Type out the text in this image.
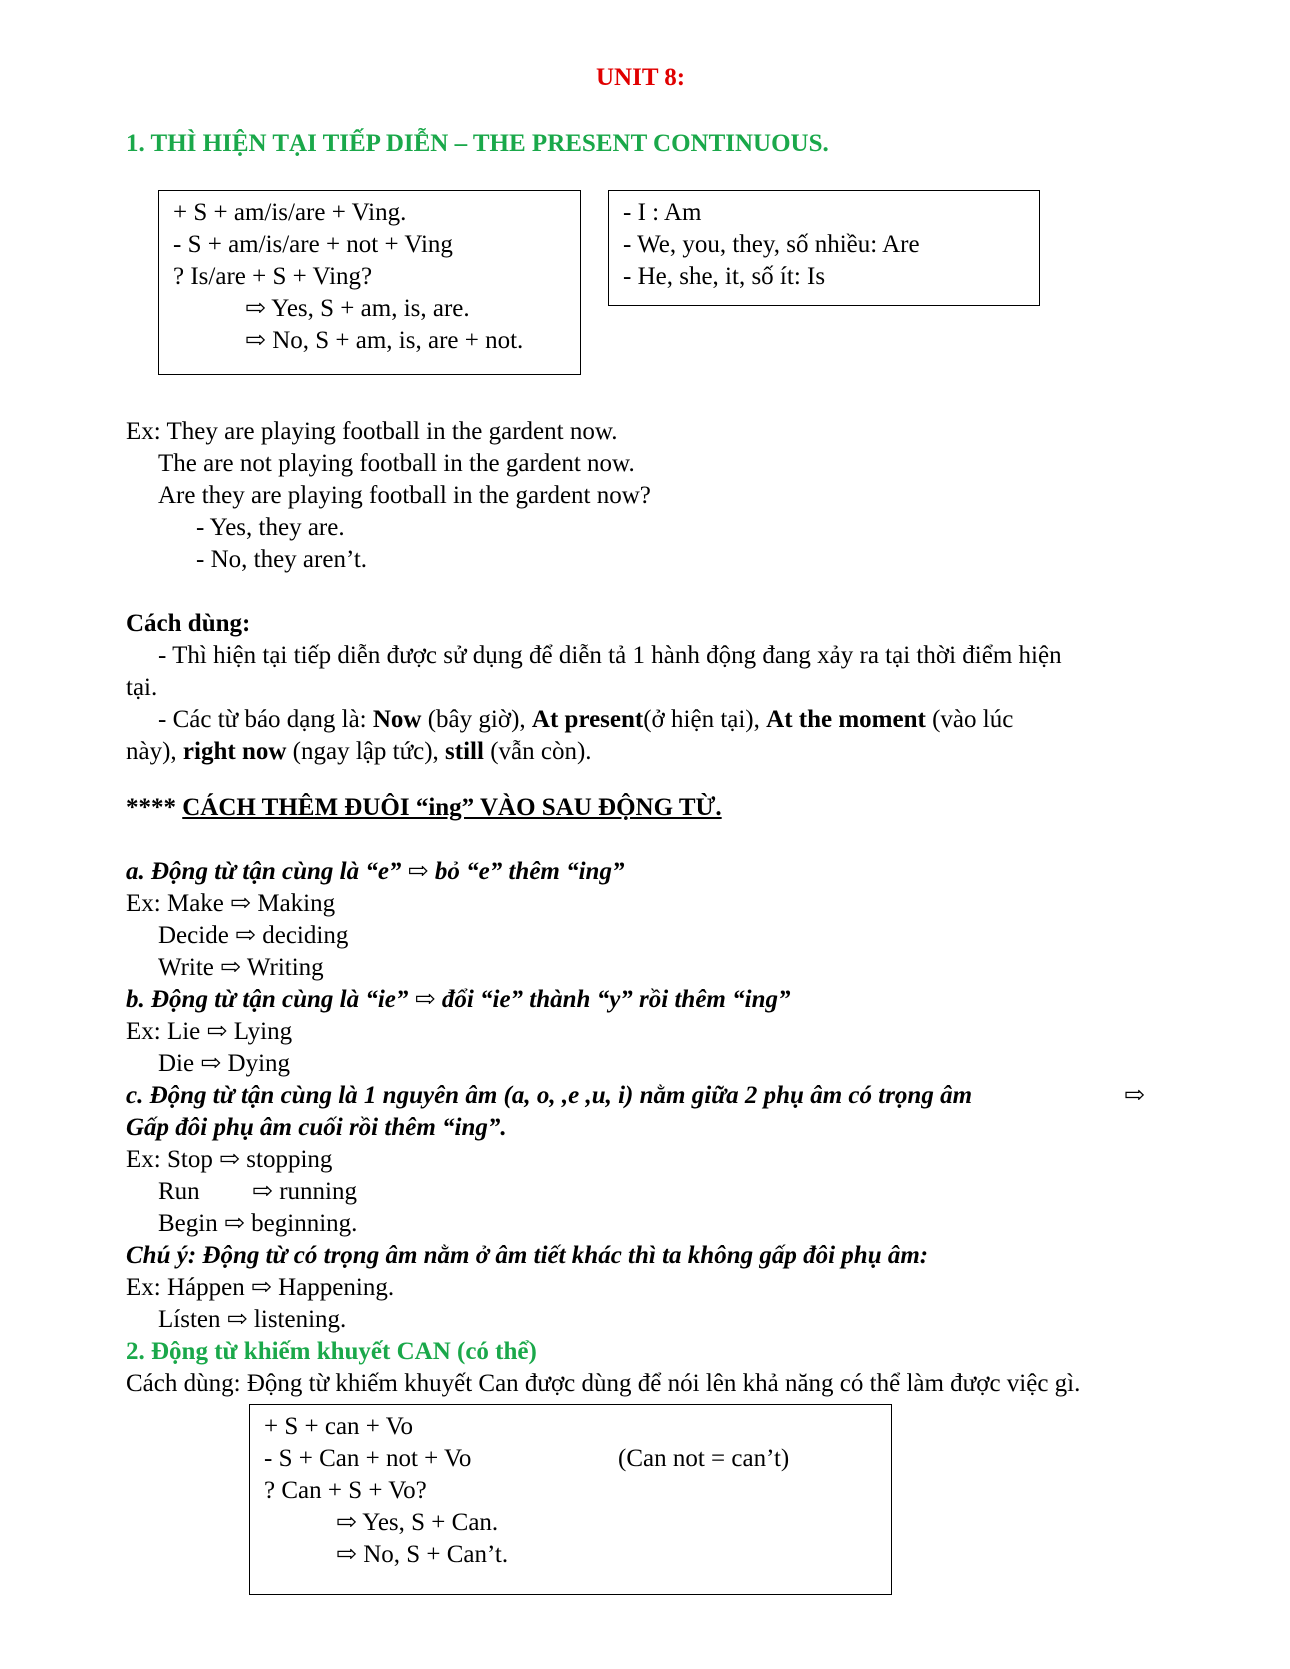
UNIT 8:
1. THÌ HIỆN TẠI TIẾP DIỄN – THE PRESENT CONTINUOUS.
+ S + am/is/are + Ving.
- S + am/is/are + not + Ving
? Is/are + S + Ving?
⇨ Yes, S + am, is, are.
⇨ No, S + am, is, are + not.
- I : Am
- We, you, they, số nhiều: Are
- He, she, it, số ít: Is
Ex: They are playing football in the gardent now.
The are not playing football in the gardent now.
Are they are playing football in the gardent now?
- Yes, they are.
- No, they aren’t.
Cách dùng:
- Thì hiện tại tiếp diễn được sử dụng để diễn tả 1 hành động đang xảy ra tại thời điểm hiện
tại.
- Các từ báo dạng là: Now (bây giờ), At present(ở hiện tại), At the moment (vào lúc
này), right now (ngay lập tức), still (vẫn còn).
**** CÁCH THÊM ĐUÔI “ing” VÀO SAU ĐỘNG TỪ.
a. Động từ tận cùng là “e” ⇨ bỏ “e” thêm “ing”
Ex: Make ⇨ Making
Decide ⇨ deciding
Write ⇨ Writing
b. Động từ tận cùng là “ie” ⇨ đổi “ie” thành “y” rồi thêm “ing”
Ex: Lie ⇨ Lying
Die ⇨ Dying
c. Động từ tận cùng là 1 nguyên âm (a, o, ,e ,u, i) nằm giữa 2 phụ âm có trọng âm	⇨
Gấp đôi phụ âm cuối rồi thêm “ing”.
Ex: Stop ⇨ stopping
Run ⇨ running
Begin ⇨ beginning.
Chú ý: Động từ có trọng âm nằm ở âm tiết khác thì ta không gấp đôi phụ âm:
Ex: Háppen ⇨ Happening.
Lísten ⇨ listening.
2. Động từ khiếm khuyết CAN (có thể)
Cách dùng: Động từ khiếm khuyết Can được dùng để nói lên khả năng có thể làm được việc gì.
+ S + can + Vo
- S + Can + not + Vo	(Can not = can’t)
? Can + S + Vo?
⇨ Yes, S + Can.
⇨ No, S + Can’t.
